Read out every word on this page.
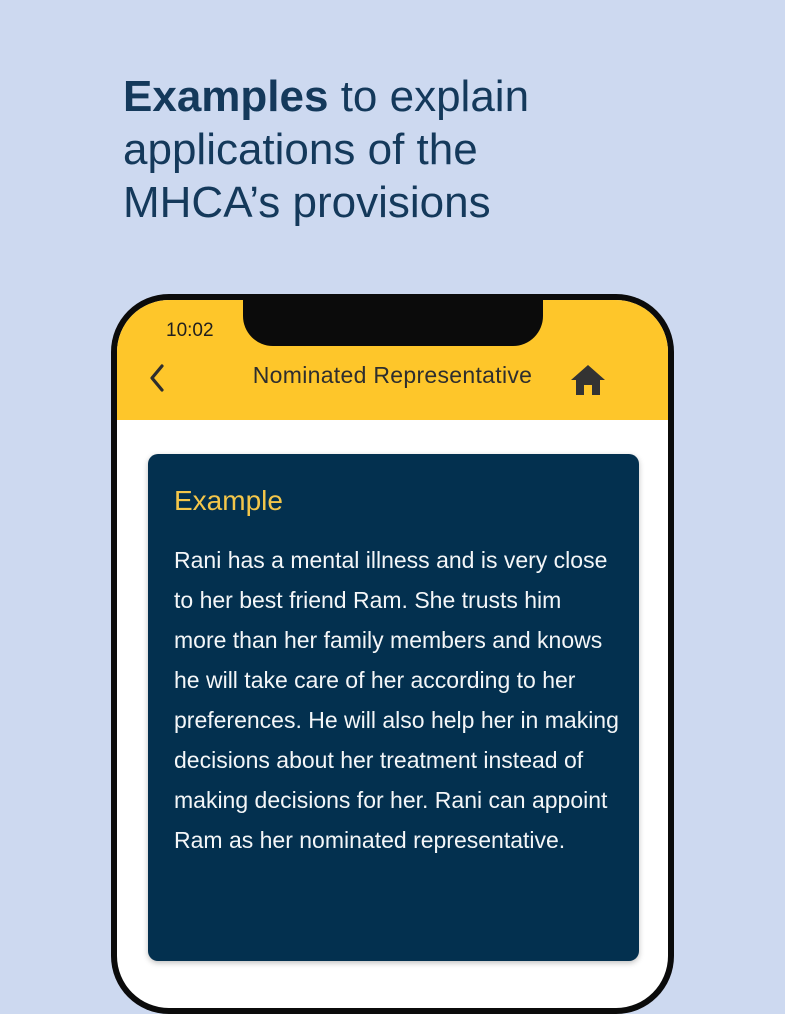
Examples to explain applications of the MHCA’s provisions
10:02
Nominated Representative
Example

Rani has a mental illness and is very close to her best friend Ram. She trusts him more than her family members and knows he will take care of her according to her preferences. He will also help her in making decisions about her treatment instead of making decisions for her. Rani can appoint Ram as her nominated representative.
